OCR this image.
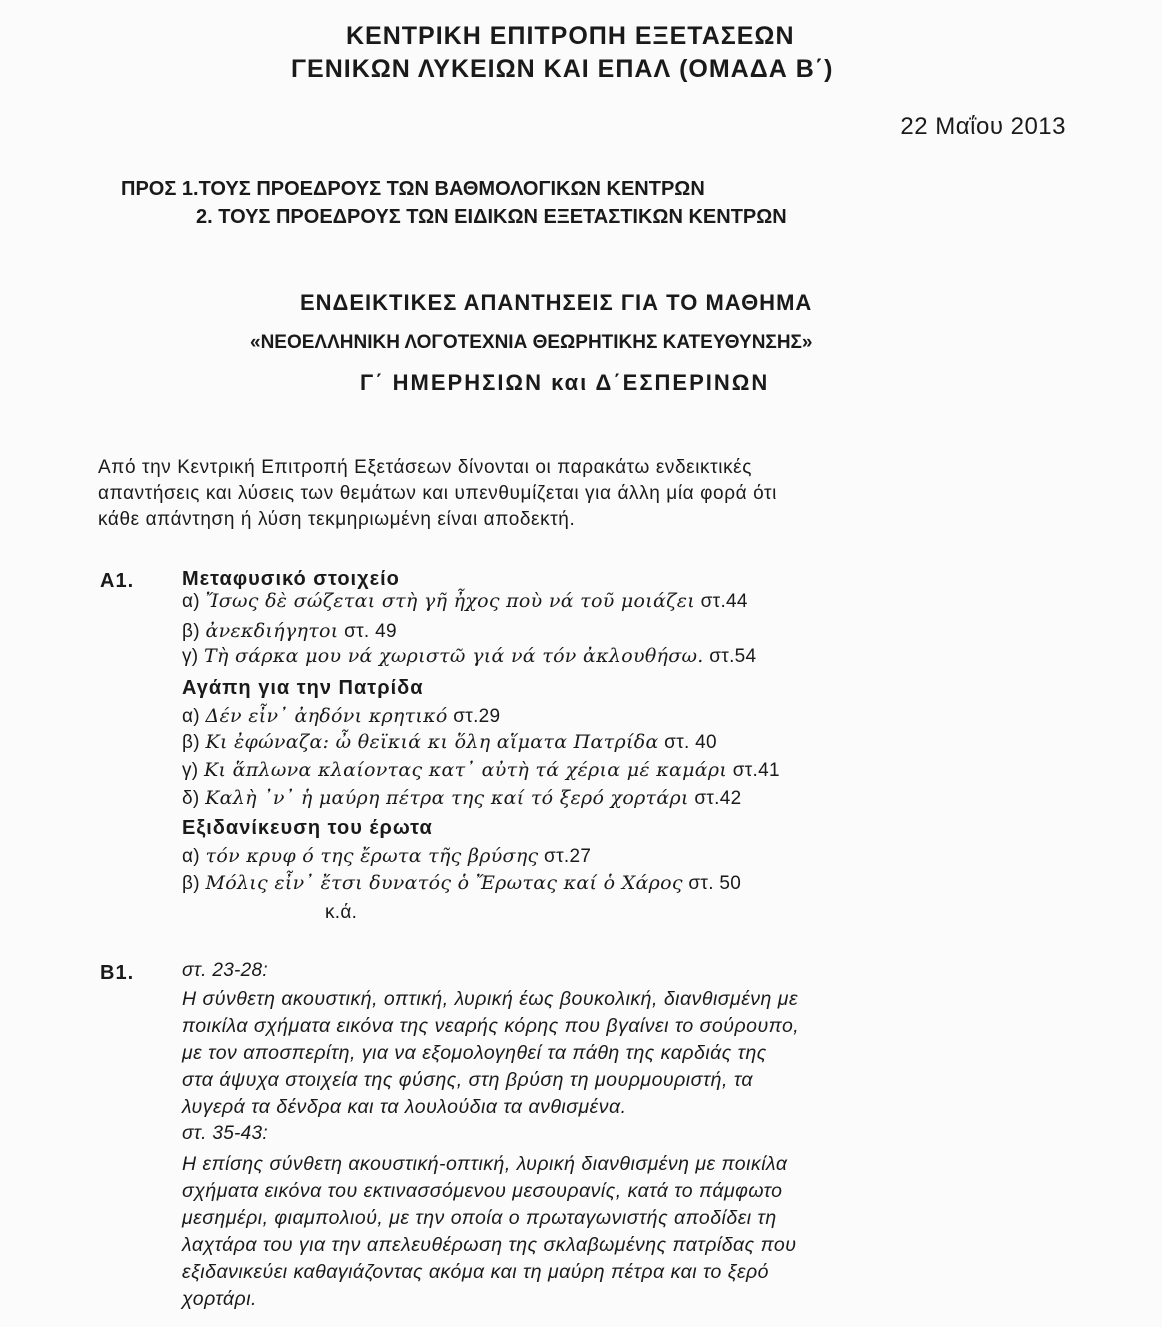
ΚΕΝΤΡΙΚΗ ΕΠΙΤΡΟΠΗ ΕΞΕΤΑΣΕΩΝ
ΓΕΝΙΚΩΝ ΛΥΚΕΙΩΝ ΚΑΙ ΕΠΑΛ (ΟΜΑΔΑ Β΄)
22 Μαΐου 2013
ΠΡΟΣ 1.ΤΟΥΣ ΠΡΟΕΔΡΟΥΣ ΤΩΝ ΒΑΘΜΟΛΟΓΙΚΩΝ ΚΕΝΤΡΩΝ
2. ΤΟΥΣ ΠΡΟΕΔΡΟΥΣ ΤΩΝ ΕΙΔΙΚΩΝ ΕΞΕΤΑΣΤΙΚΩΝ ΚΕΝΤΡΩΝ
ΕΝΔΕΙΚΤΙΚΕΣ ΑΠΑΝΤΗΣΕΙΣ ΓΙΑ ΤΟ ΜΑΘΗΜΑ
«ΝΕΟΕΛΛΗΝΙΚΗ ΛΟΓΟΤΕΧΝΙΑ ΘΕΩΡΗΤΙΚΗΣ ΚΑΤΕΥΘΥΝΣΗΣ»
Γ΄ ΗΜΕΡΗΣΙΩΝ και Δ΄ΕΣΠΕΡΙΝΩΝ
Από την Κεντρική Επιτροπή Εξετάσεων δίνονται οι παρακάτω ενδεικτικές
απαντήσεις και λύσεις των θεμάτων και υπενθυμίζεται για άλλη μία φορά ότι
κάθε απάντηση ή λύση τεκμηριωμένη είναι αποδεκτή.
Α1. Μεταφυσικό στοιχείο
α) Ἴσως δὲ σώζεται στὴ γῆ ἦχος ποὺ νά τοῦ μοιάζει στ.44
β) ἀνεκδιήγητοι στ. 49
γ) Τὴ σάρκα μου νά χωριστῶ γιά νά τόν ἀκλουθήσω. στ.54
Αγάπη για την Πατρίδα
α) Δέν εἶν᾽ ἀηδόνι κρητικό στ.29
β) Κι ἐφώναζα: ὦ θεϊκιά κι ὅλη αἵματα Πατρίδα στ. 40
γ) Κι ἅπλωνα κλαίοντας κατ᾽ αὐτὴ τά χέρια μέ καμάρι στ.41
δ) Καλὴ ᾽ν᾽ ἡ μαύρη πέτρα της καί τό ξερό χορτάρι στ.42
Εξιδανίκευση του έρωτα
α) τόν κρυφ ό της ἔρωτα τῆς βρύσης στ.27
β) Μόλις εἶν᾽ ἔτσι δυνατός ὁ Ἔρωτας καί ὁ Χάρος στ. 50
κ.ά.
Β1.	στ. 23-28:
Η σύνθετη ακουστική, οπτική, λυρική έως βουκολική, διανθισμένη με
ποικίλα σχήματα εικόνα της νεαρής κόρης που βγαίνει το σούρουπο,
με τον αποσπερίτη, για να εξομολογηθεί τα πάθη της καρδιάς της
στα άψυχα στοιχεία της φύσης, στη βρύση τη μουρμουριστή, τα
λυγερά τα δένδρα και τα λουλούδια τα ανθισμένα.
στ. 35-43:
Η επίσης σύνθετη ακουστική-οπτική, λυρική διανθισμένη με ποικίλα
σχήματα εικόνα του εκτινασσόμενου μεσουρανίς, κατά το πάμφωτο
μεσημέρι, φιαμπολιού, με την οποία ο πρωταγωνιστής αποδίδει τη
λαχτάρα του για την απελευθέρωση της σκλαβωμένης πατρίδας που
εξιδανικεύει καθαγιάζοντας ακόμα και τη μαύρη πέτρα και το ξερό
χορτάρι.
